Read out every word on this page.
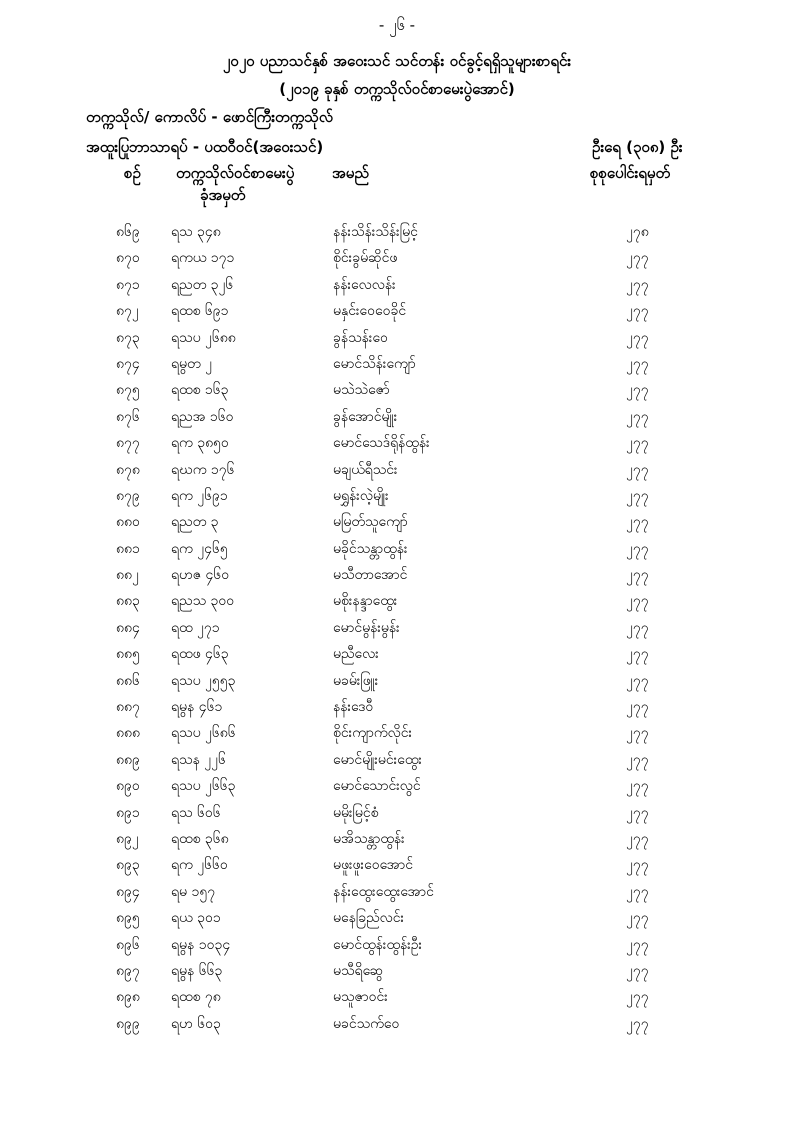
- ၂၆ -
၂၀၂၀ ပညာသင်နှစ် အဝေးသင် သင်တန်း ဝင်ခွင့်ရရှိသူများစာရင်း
(၂၀၁၉ ခုနှစ် တက္ကသိုလ်ဝင်စာမေးပွဲအောင်)
တက္ကသိုလ်/ ကောလိပ် - ဖောင်ကြီးတက္ကသိုလ်
အထူးပြုဘာသာရပ် - ပထဝီဝင်(အဝေးသင်)	ဦးရေ (၃၀၈) ဦး
စဉ် တက္ကသိုလ်ဝင်စာမေးပွဲ
ခုံအမှတ်
အမည်	စုစုပေါင်းရမှတ်
၈၆၉ ရသ ၃၄၈	နန်းသိန်းသိန်းမြင့်	၂၇၈
၈၇၀ ရကယ ၁၇၁	စိုင်းခွမ်ဆိုင်ဖ	၂၇၇
၈၇၁ ရညတ ၃၂၆	နန်းလေလန်း	၂၇၇
၈၇၂ ရထစ ၆၉၁	မနှင်းဝေဝေခိုင်	၂၇၇
၈၇၃ ရသပ ၂၆၈၈	ခွန်သန်းဝေ	၂၇၇
၈၇၄ ရမွတ ၂	မောင်သိန်းကျော်	၂၇၇
၈၇၅ ရထစ ၁၆၃	မသဲသဲဇော်	၂၇၇
၈၇၆ ရညအ ၁၆၀	ခွန်အောင်မျိုး	၂၇၇
၈၇၇ ရက ၃၈၅၀	မောင်သေဒ်ရိုန်ထွန်း	၂၇၇
၈၇၈ ရဃက ၁၇၆	မချယ်ရီသင်း	၂၇၇
၈၇၉ ရက ၂၆၉၁	မရွှန်းလဲ့မျိုး	၂၇၇
၈၈၀ ရညတ ၃	မမြတ်သူကျော်	၂၇၇
၈၈၁ ရက ၂၄၆၅	မခိုင်သန္တာထွန်း	၂၇၇
၈၈၂ ရဟဇ ၄၆၀	မသီတာအောင်	၂၇၇
၈၈၃ ရညသ ၃၀၀	မစိုးနန္ဒာထွေး	၂၇၇
၈၈၄ ရထ ၂၇၁	မောင်မွန်းမွန်း	၂၇၇
၈၈၅ ရထဖ ၄၆၃	မညီလေး	၂၇၇
၈၈၆ ရသပ ၂၅၅၃	မခမ်းဖြူး	၂၇၇
၈၈၇ ရမွန ၄၆၁	နန်းဒေဝီ	၂၇၇
၈၈၈ ရသပ ၂၆၈၆	စိုင်းကျာက်လိုင်း	၂၇၇
၈၈၉ ရသန ၂၂၆	မောင်မျိုးမင်းထွေး	၂၇၇
၈၉၀ ရသပ ၂၆၆၃	မောင်သောင်းလွင်	၂၇၇
၈၉၁ ရသ ၆၀၆	မမိုးမြင့်စံ	၂၇၇
၈၉၂ ရထစ ၃၆၈	မအိသန္တာထွန်း	၂၇၇
၈၉၃ ရက ၂၆၆၀	မဖူးဖူးဝေအောင်	၂၇၇
၈၉၄ ရမ ၁၅၇	နန်းထွေးထွေးအောင်	၂၇၇
၈၉၅ ရယ ၃၀၁	မနေခြည်လင်း	၂၇၇
၈၉၆ ရမွန ၁၀၃၄	မောင်ထွန်းထွန်းဦး	၂၇၇
၈၉၇ ရမွန ၆၆၃	မသီရိဆွေ	၂၇၇
၈၉၈ ရထစ ၇၈	မသူဇာဝင်း	၂၇၇
၈၉၉ ရဟ ၆၀၃	မခင်သက်ဝေ	၂၇၇
